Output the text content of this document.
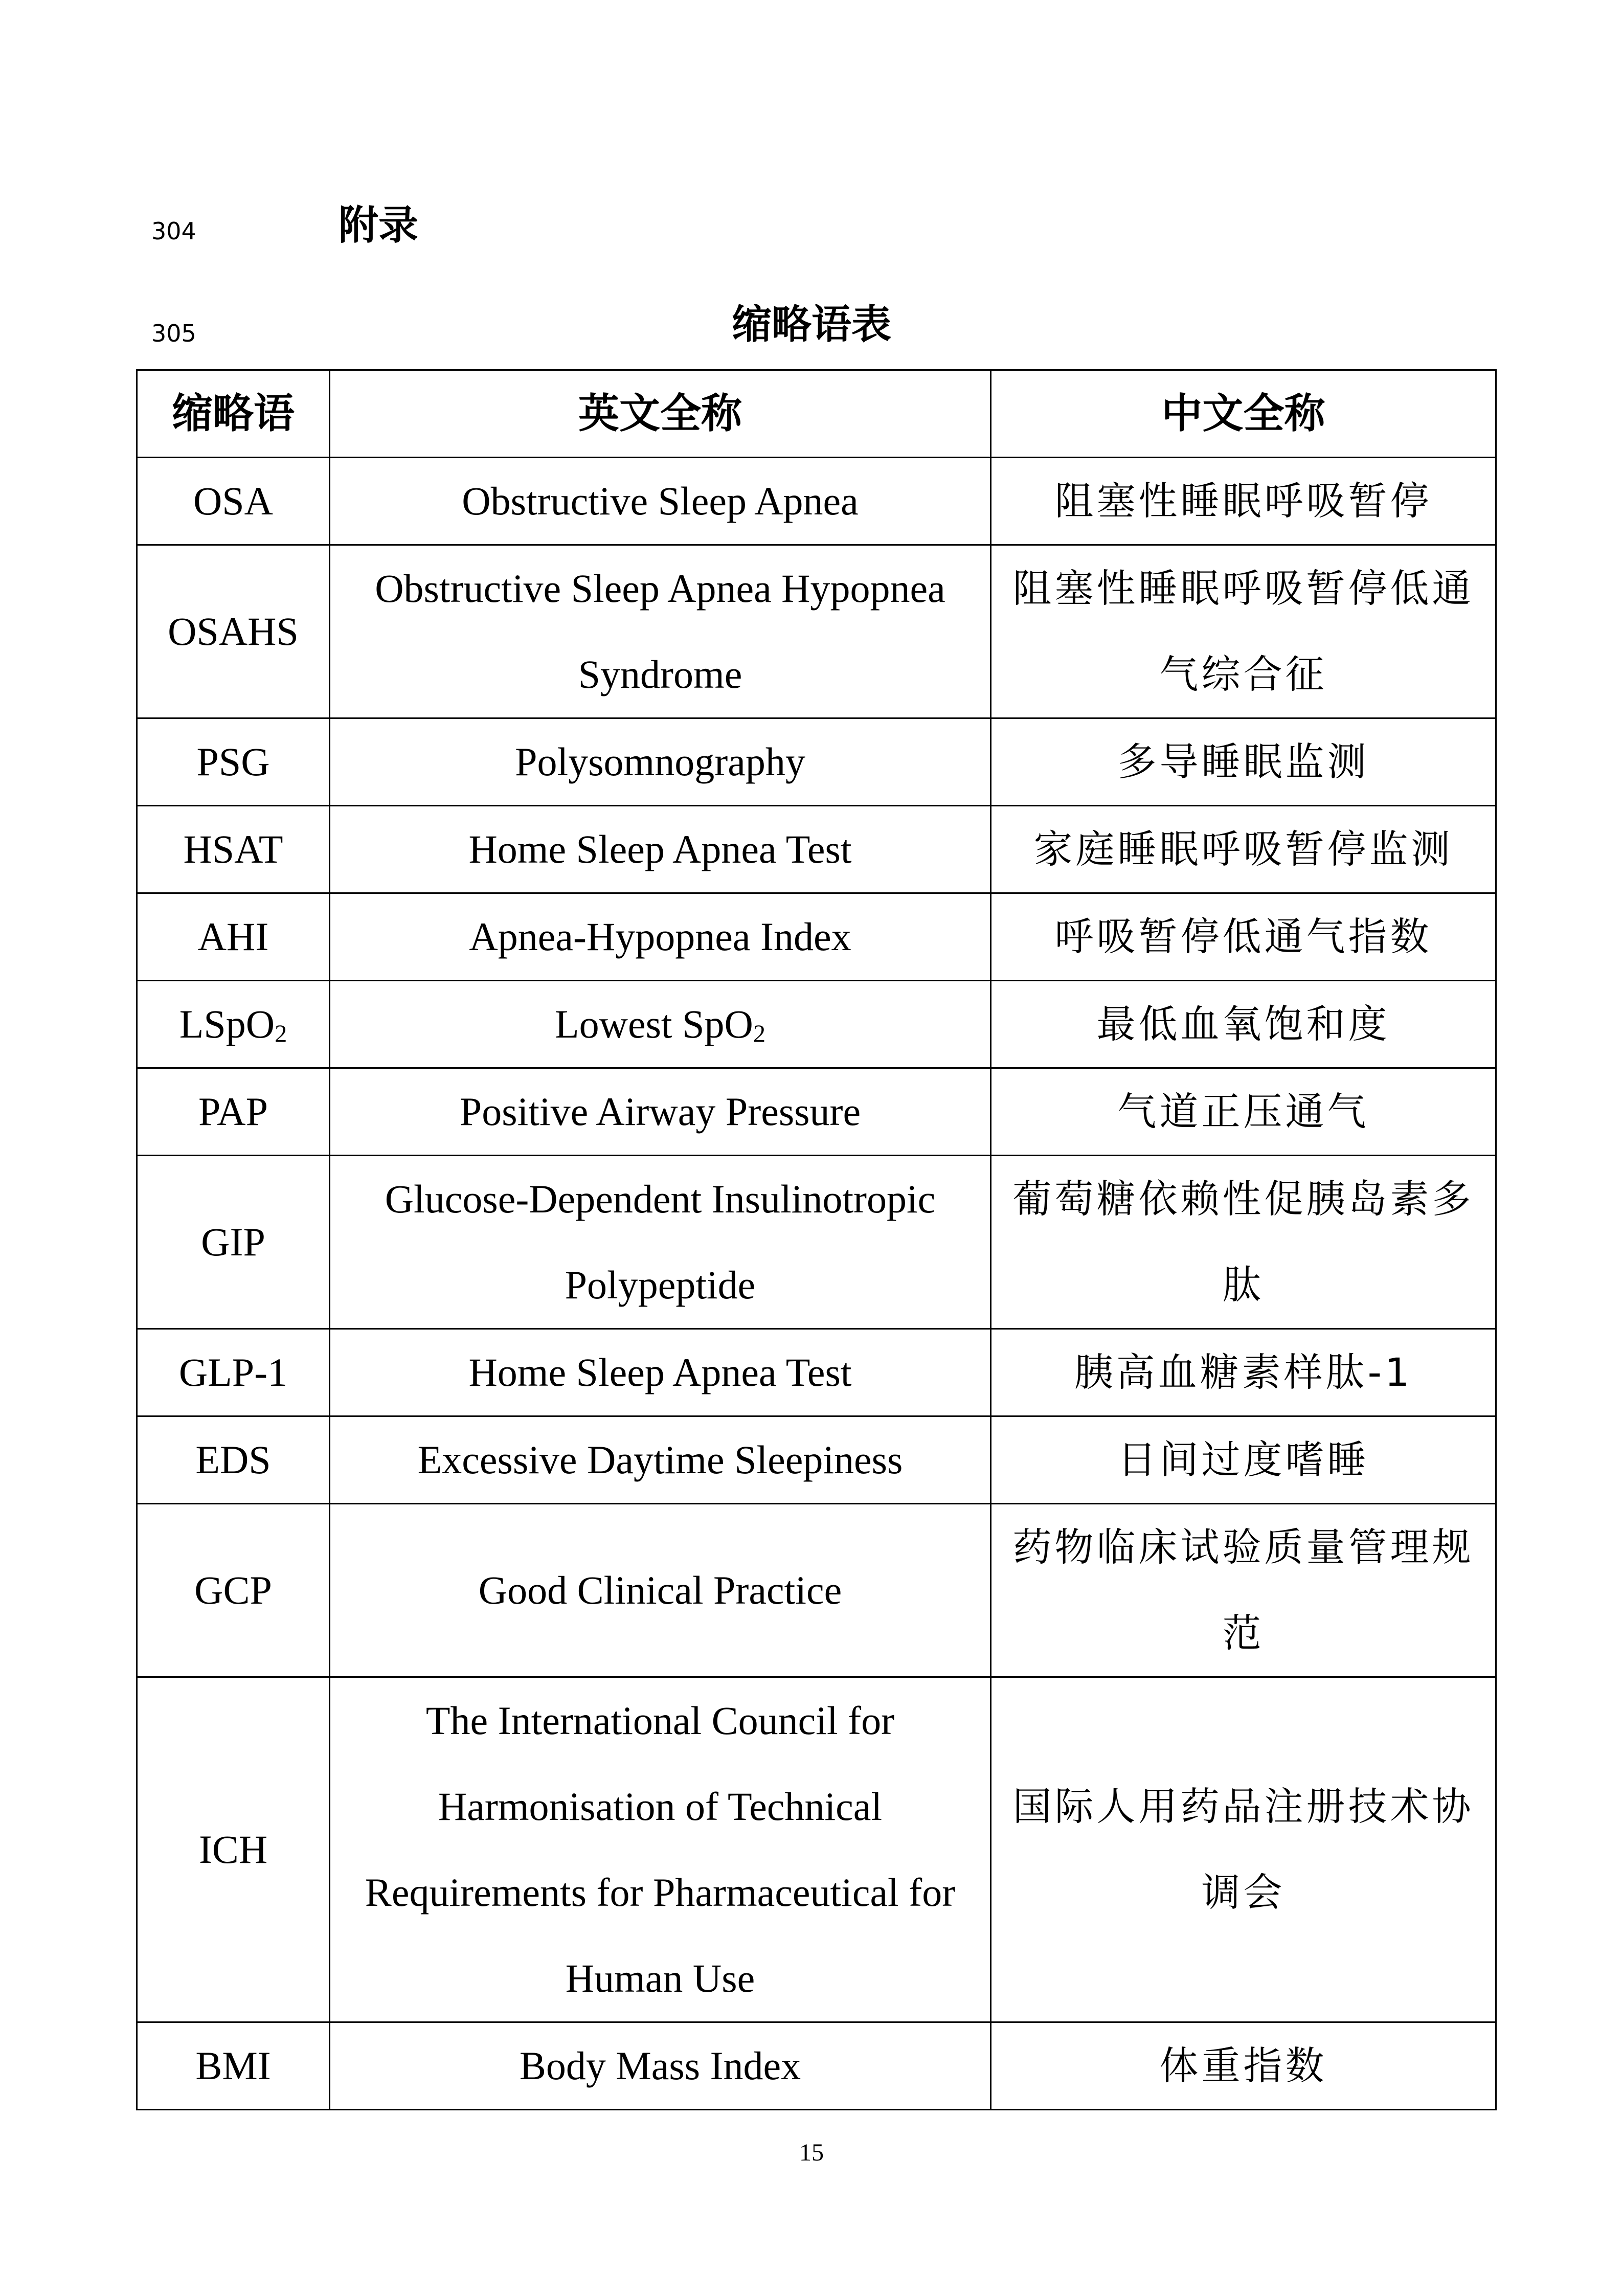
304
305
附录
缩略语表
缩略语	英文全称	中文全称
OSA	Obstructive Sleep Apnea	阻塞性睡眠呼吸暂停
OSAHS	Obstructive Sleep Apnea Hypopnea Syndrome	阻塞性睡眠呼吸暂停低通气综合征
PSG	Polysomnography	多导睡眠监测
HSAT	Home Sleep Apnea Test	家庭睡眠呼吸暂停监测
AHI	Apnea-Hypopnea Index	呼吸暂停低通气指数
LSpO$_2$	Lowest SpO$_2$	最低血氧饱和度
PAP	Positive Airway Pressure	气道正压通气
GIP	Glucose-Dependent Insulinotropic Polypeptide	葡萄糖依赖性促胰岛素多肽
GLP-1	Home Sleep Apnea Test	胰高血糖素样肽-1
EDS	Excessive Daytime Sleepiness	日间过度嗜睡
GCP	Good Clinical Practice	药物临床试验质量管理规范
ICH	The International Council for Harmonisation of Technical Requirements for Pharmaceutical for Human Use	国际人用药品注册技术协调会
BMI	Body Mass Index	体重指数
15
